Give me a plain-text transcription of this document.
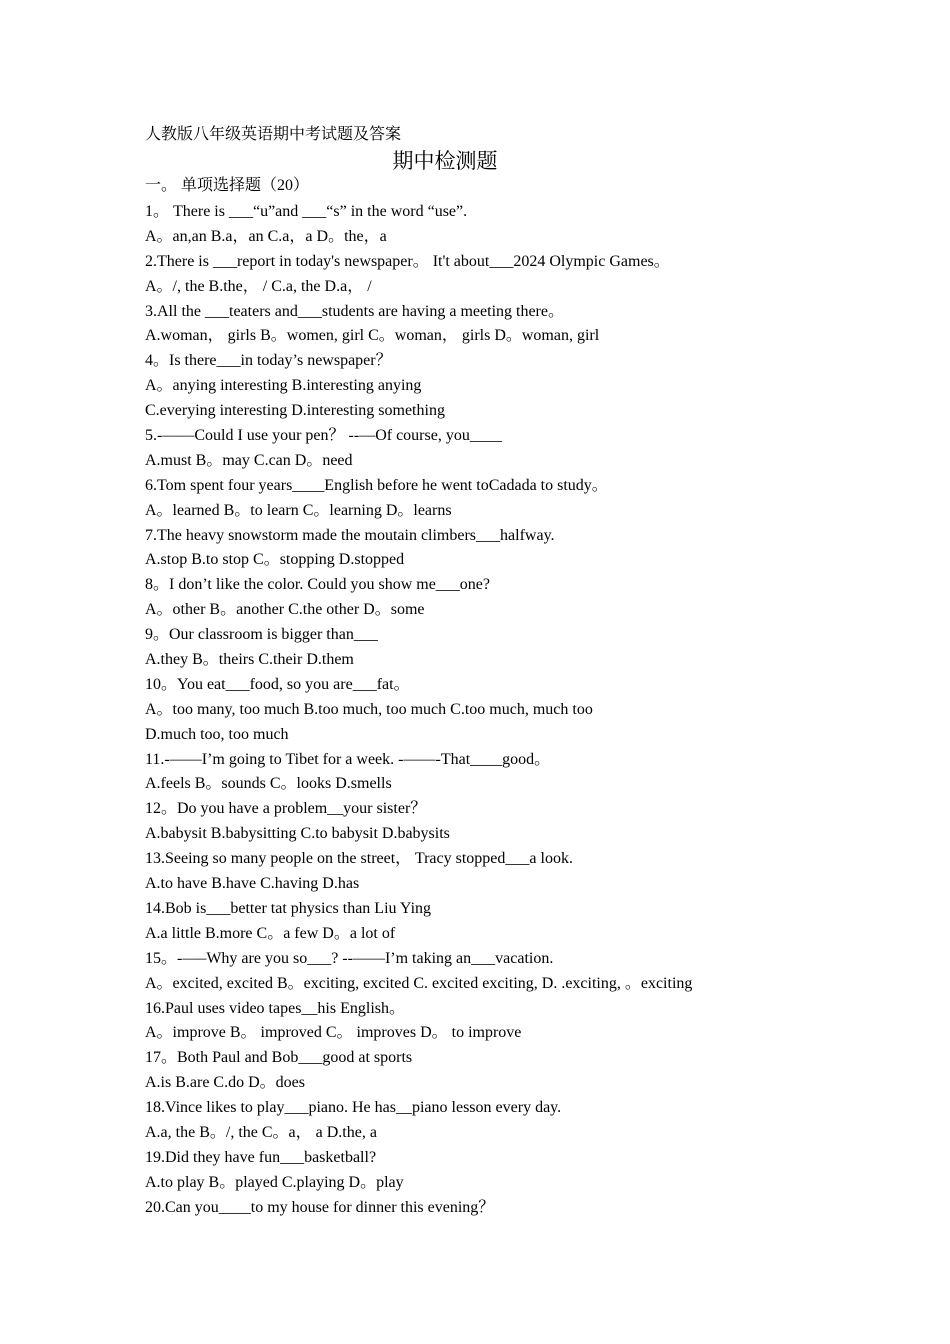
人教版八年级英语期中考试题及答案
期中检测题
一。 单项选择题（20）
1。 There is ___“u”and ___“s” in the word “use”.
A。an,an B.a，an C.a，a D。the，a
2.There is ___report in today's newspaper。 It't about___2024 Olympic Games。
A。/, the B.the， / C.a, the D.a， /
3.All the ___teaters and___students are having a meeting there。
A.woman， girls B。women, girl C。woman， girls D。woman, girl
4。Is there___in today’s newspaper？
A。anying interesting B.interesting anying
C.everying interesting D.interesting something
5.-——Could I use your pen？ --—Of course, you____
A.must B。may C.can D。need
6.Tom spent four years____English before he went toCadada to study。
A。learned B。to learn C。learning D。learns
7.The heavy snowstorm made the moutain climbers___halfway.
A.stop B.to stop C。stopping D.stopped
8。I don’t like the color. Could you show me___one?
A。other B。another C.the other D。some
9。Our classroom is bigger than___
A.they B。theirs C.their D.them
10。You eat___food, so you are___fat。
A。too many, too much B.too much, too much C.too much, much too
D.much too, too much
11.-——I’m going to Tibet for a week. -——-That____good。
A.feels B。sounds C。looks D.smells
12。Do you have a problem__your sister？
A.babysit B.babysitting C.to babysit D.babysits
13.Seeing so many people on the street， Tracy stopped___a look.
A.to have B.have C.having D.has
14.Bob is___better tat physics than Liu Ying
A.a little B.more C。a few D。a lot of
15。-—–Why are you so___? --——I’m taking an___vacation.
A。excited, excited B。exciting, excited C. excited exciting, D. .exciting, 。exciting
16.Paul uses video tapes__his English。
A。improve B。 improved C。 improves D。 to improve
17。Both Paul and Bob___good at sports
A.is B.are C.do D。does
18.Vince likes to play___piano. He has__piano lesson every day.
A.a, the B。/, the C。a， a D.the, a
19.Did they have fun___basketball?
A.to play B。played C.playing D。play
20.Can you____to my house for dinner this evening？
